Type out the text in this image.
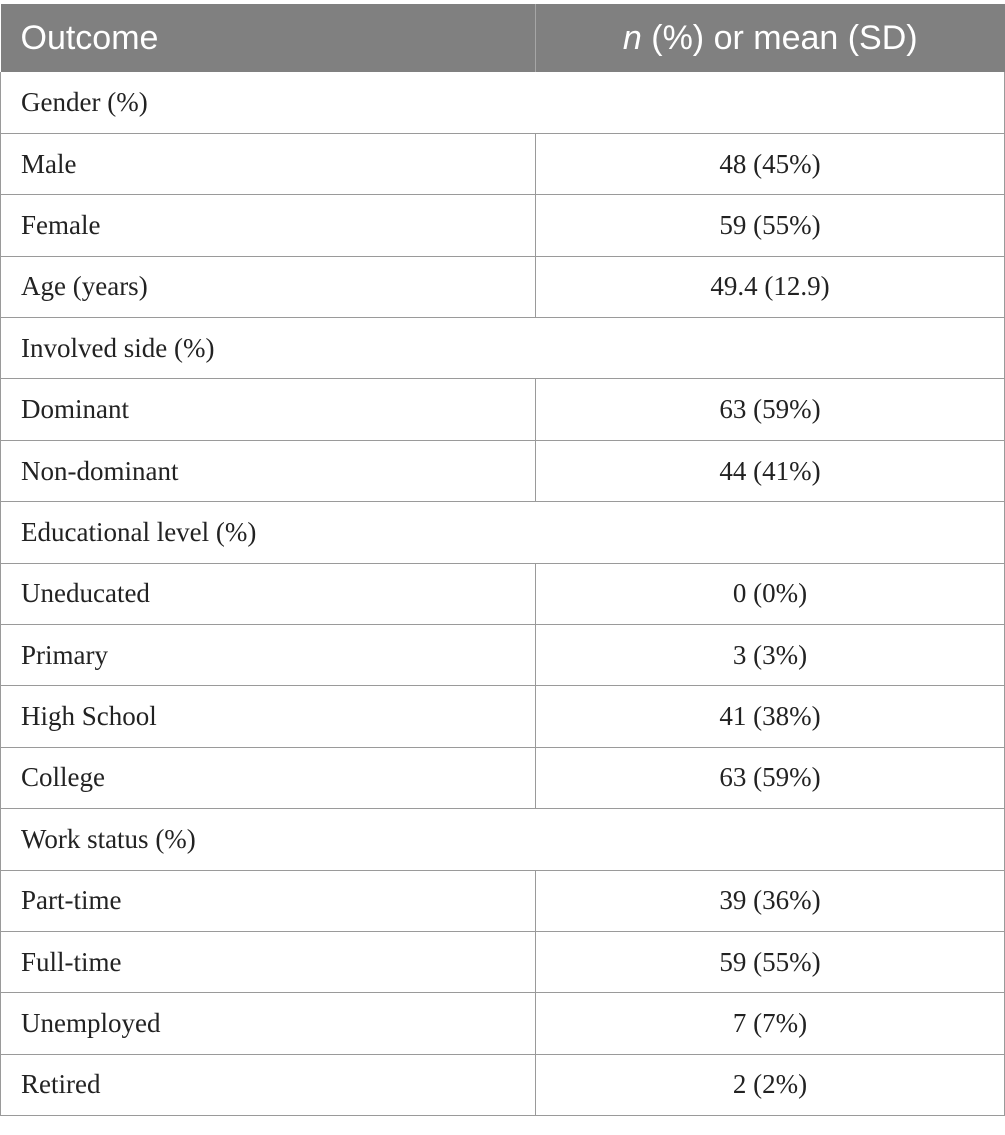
Outcome	n (%) or mean (SD)
Gender (%)	
Male	48 (45%)
Female	59 (55%)
Age (years)	49.4 (12.9)
Involved side (%)	
Dominant	63 (59%)
Non-dominant	44 (41%)
Educational level (%)	
Uneducated	0 (0%)
Primary	3 (3%)
High School	41 (38%)
College	63 (59%)
Work status (%)	
Part-time	39 (36%)
Full-time	59 (55%)
Unemployed	7 (7%)
Retired	2 (2%)
